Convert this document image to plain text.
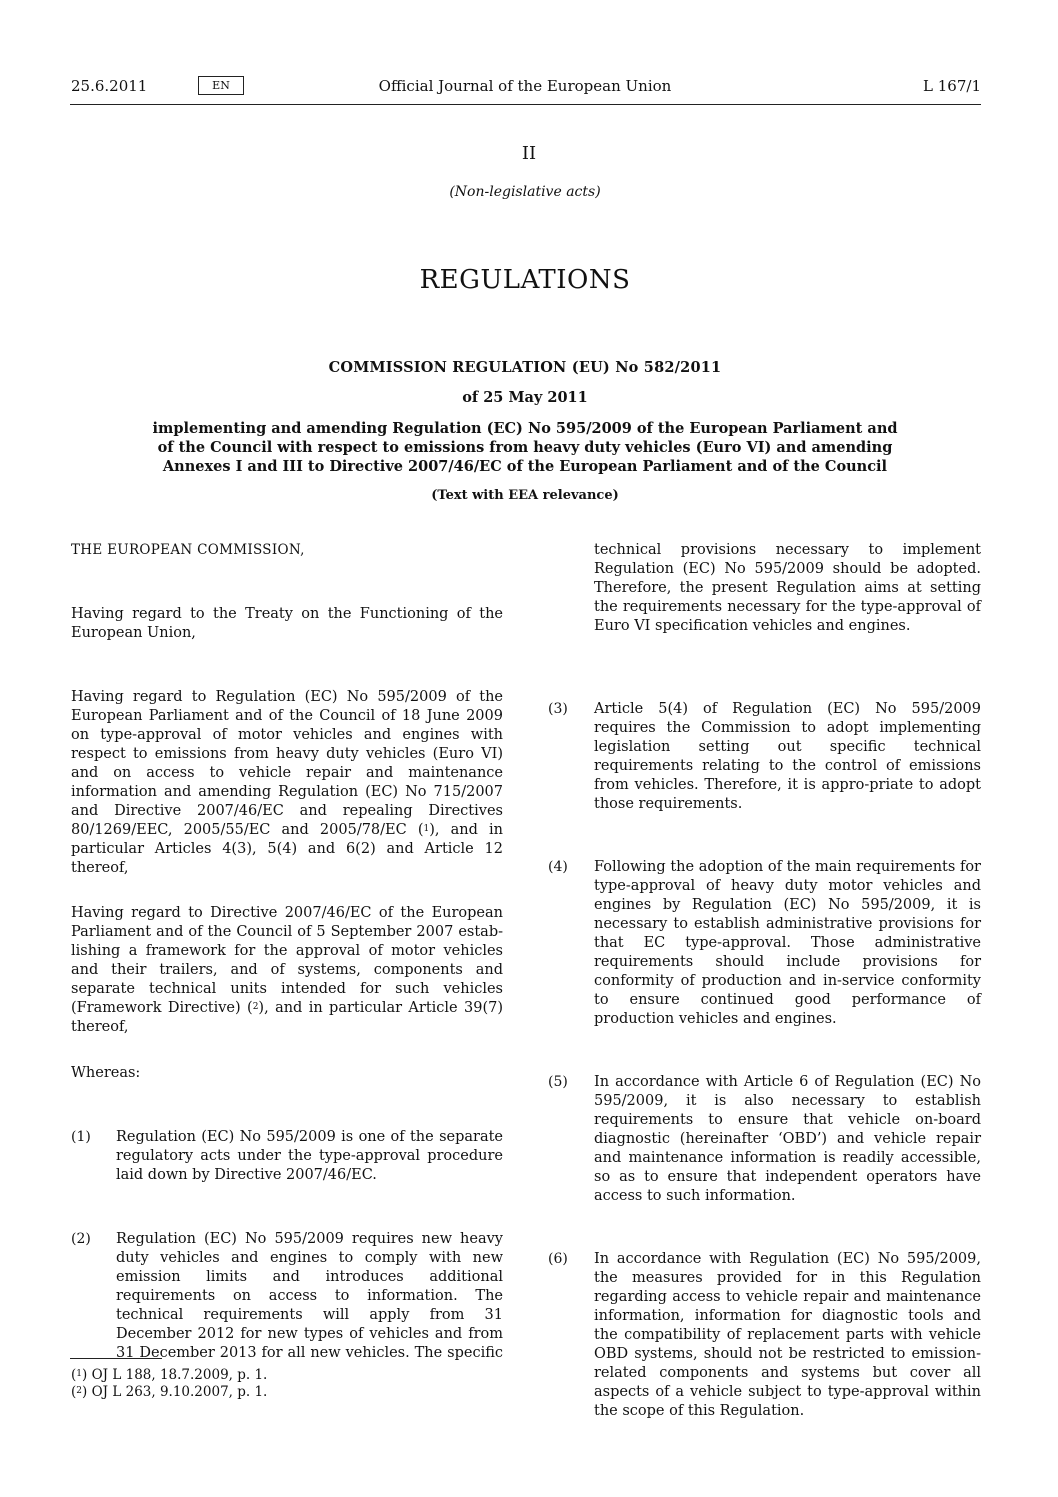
25.6.2011	EN	Official Journal of the European Union	L 167/1
II
(Non-legislative acts)
REGULATIONS
COMMISSION REGULATION (EU) No 582/2011
of 25 May 2011
implementing and amending Regulation (EC) No 595/2009 of the European Parliament and of the Council with respect to emissions from heavy duty vehicles (Euro VI) and amending Annexes I and III to Directive 2007/46/EC of the European Parliament and of the Council
(Text with EEA relevance)
THE EUROPEAN COMMISSION,
Having regard to the Treaty on the Functioning of the European Union,
Having regard to Regulation (EC) No 595/2009 of the European Parliament and of the Council of 18 June 2009 on type-approval of motor vehicles and engines with respect to emissions from heavy duty vehicles (Euro VI) and on access to vehicle repair and maintenance information and amending Regulation (EC) No 715/2007 and Directive 2007/46/EC and repealing Directives 80/1269/EEC, 2005/55/EC and 2005/78/EC ($^1$), and in particular Articles 4(3), 5(4) and 6(2) and Article 12 thereof,
Having regard to Directive 2007/46/EC of the European Parliament and of the Council of 5 September 2007 estab-lishing a framework for the approval of motor vehicles and their trailers, and of systems, components and separate technical units intended for such vehicles (Framework Directive) ($^2$), and in particular Article 39(7) thereof,
Whereas:
(1) Regulation (EC) No 595/2009 is one of the separate regulatory acts under the type-approval procedure laid down by Directive 2007/46/EC.
(2) Regulation (EC) No 595/2009 requires new heavy duty vehicles and engines to comply with new emission limits and introduces additional requirements on access to information. The technical requirements will apply from 31 December 2012 for new types of vehicles and from 31 December 2013 for all new vehicles. The specific
($^1$) OJ L 188, 18.7.2009, p. 1.
($^2$) OJ L 263, 9.10.2007, p. 1.
technical provisions necessary to implement Regulation (EC) No 595/2009 should be adopted. Therefore, the present Regulation aims at setting the requirements necessary for the type-approval of Euro VI specification vehicles and engines.
(3) Article 5(4) of Regulation (EC) No 595/2009 requires the Commission to adopt implementing legislation setting out specific technical requirements relating to the control of emissions from vehicles. Therefore, it is appro-priate to adopt those requirements.
(4) Following the adoption of the main requirements for type-approval of heavy duty motor vehicles and engines by Regulation (EC) No 595/2009, it is necessary to establish administrative provisions for that EC type-approval. Those administrative requirements should include provisions for conformity of production and in-service conformity to ensure continued good performance of production vehicles and engines.
(5) In accordance with Article 6 of Regulation (EC) No 595/2009, it is also necessary to establish requirements to ensure that vehicle on-board diagnostic (hereinafter ‘OBD’) and vehicle repair and maintenance information is readily accessible, so as to ensure that independent operators have access to such information.
(6) In accordance with Regulation (EC) No 595/2009, the measures provided for in this Regulation regarding access to vehicle repair and maintenance information, information for diagnostic tools and the compatibility of replacement parts with vehicle OBD systems, should not be restricted to emission-related components and systems but cover all aspects of a vehicle subject to type-approval within the scope of this Regulation.
